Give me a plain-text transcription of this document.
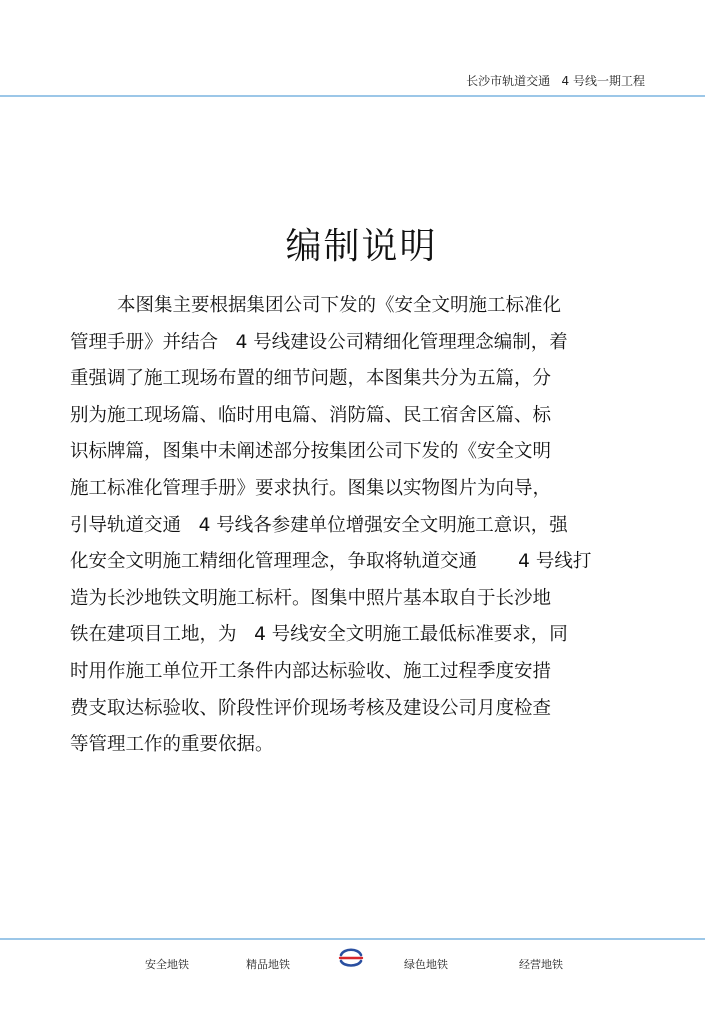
长沙市轨道交通   4 号线一期工程
编制说明
本图集主要根据集团公司下发的《安全文明施工标准化
管理手册》并结合   4 号线建设公司精细化管理理念编制，着
重强调了施工现场布置的细节问题，本图集共分为五篇，分
别为施工现场篇、临时用电篇、消防篇、民工宿舍区篇、标
识标牌篇，图集中未阐述部分按集团公司下发的《安全文明
施工标准化管理手册》要求执行。图集以实物图片为向导，
引导轨道交通   4 号线各参建单位增强安全文明施工意识，强
化安全文明施工精细化管理理念，争取将轨道交通       4 号线打
造为长沙地铁文明施工标杆。图集中照片基本取自于长沙地
铁在建项目工地，为   4 号线安全文明施工最低标准要求，同
时用作施工单位开工条件内部达标验收、施工过程季度安措
费支取达标验收、阶段性评价现场考核及建设公司月度检查
等管理工作的重要依据。
安全地铁	精品地铁	绿色地铁	经营地铁
